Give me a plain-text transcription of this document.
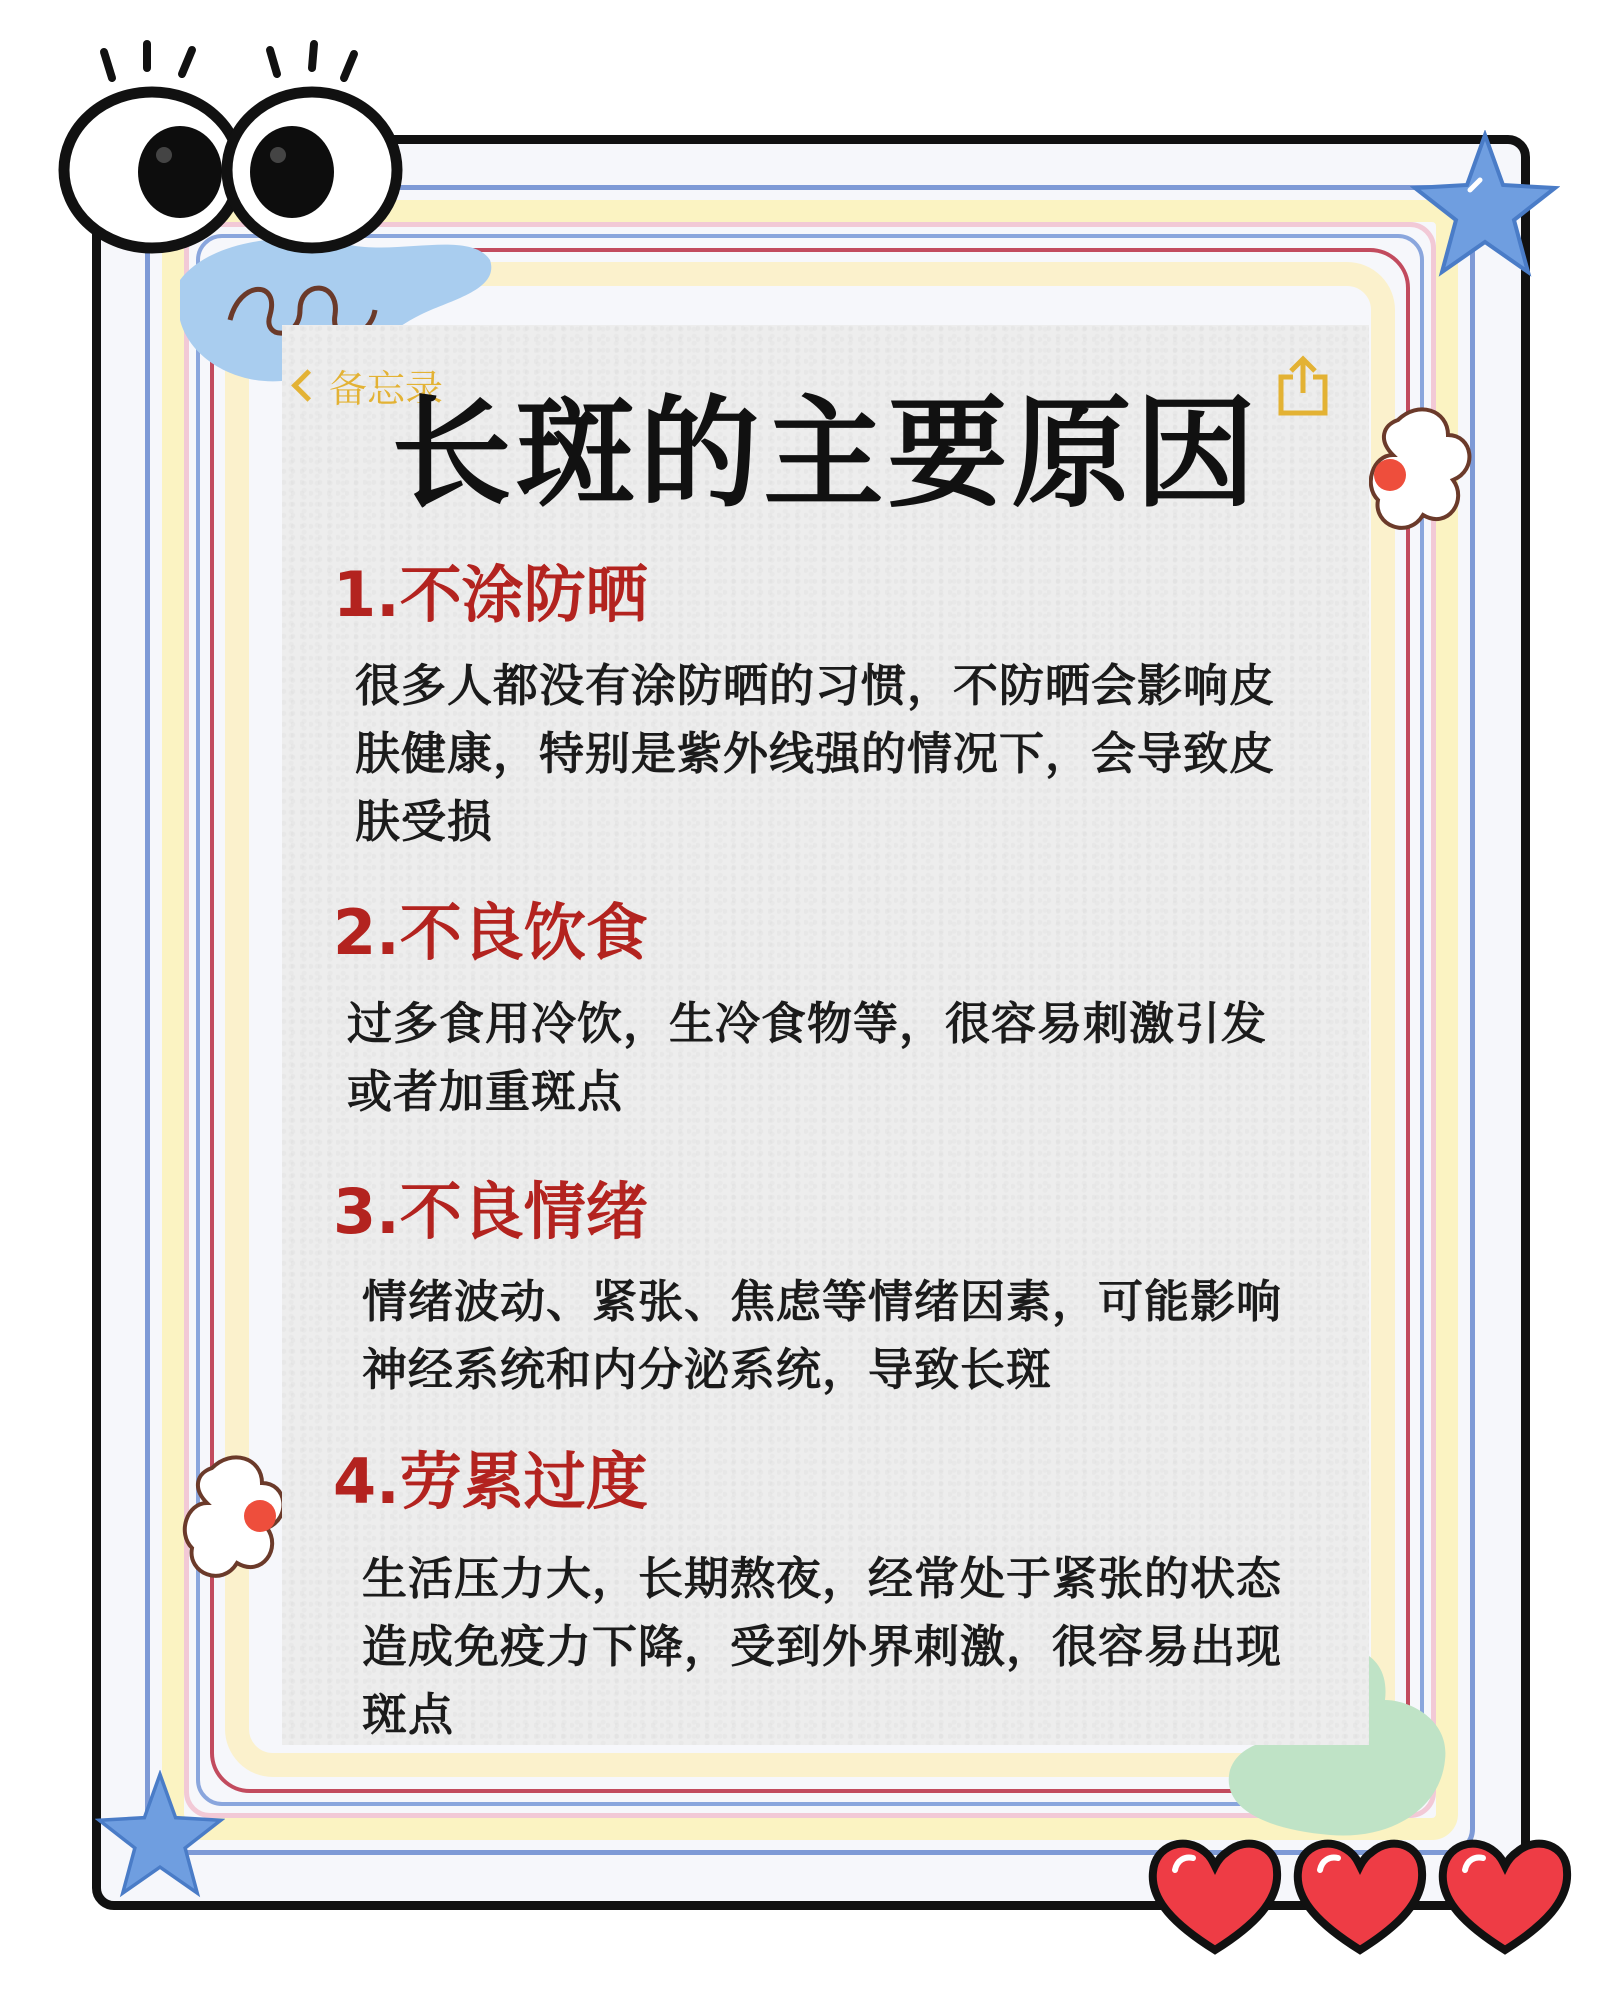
备忘录
长斑的主要原因
1.不涂防晒
很多人都没有涂防晒的习惯，不防晒会影响皮肤健康，特别是紫外线强的情况下，会导致皮肤受损
2.不良饮食
过多食用冷饮，生冷食物等，很容易刺激引发或者加重斑点
3.不良情绪
情绪波动、紧张、焦虑等情绪因素，可能影响神经系统和内分泌系统，导致长斑
4.劳累过度
生活压力大，长期熬夜，经常处于紧张的状态造成免疫力下降，受到外界刺激，很容易出现斑点
